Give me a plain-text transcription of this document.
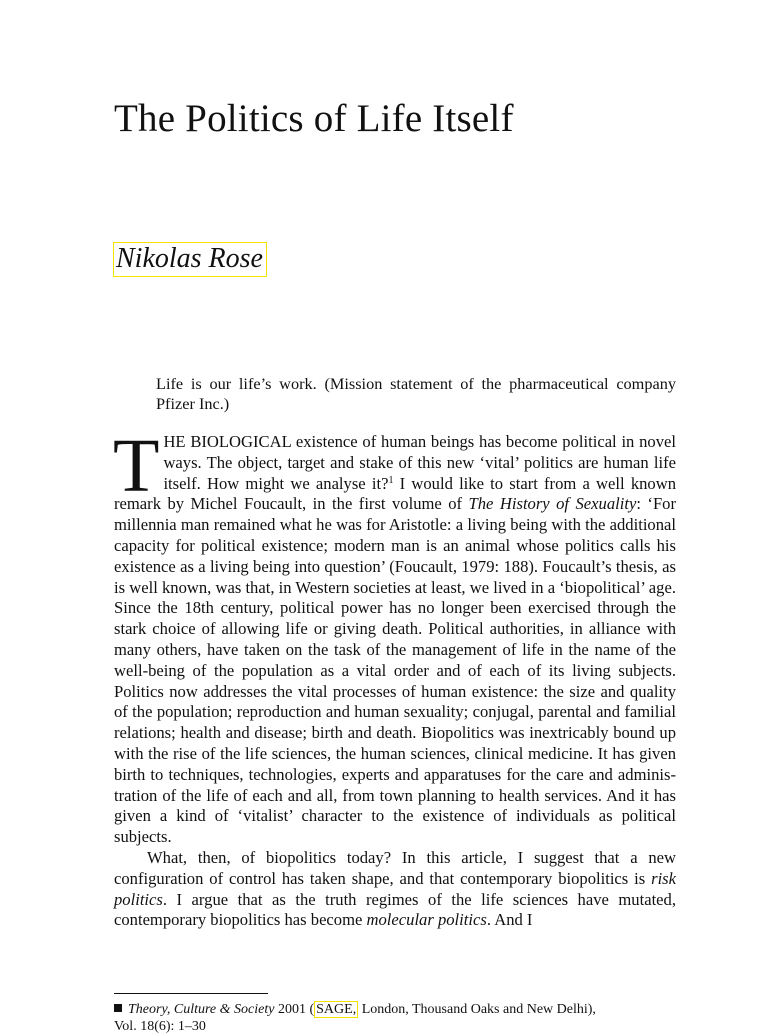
The Politics of Life Itself
Nikolas Rose

Life is our life’s work. (Mission statement of the pharmaceutical company Pfizer Inc.)

THE BIOLOGICAL existence of human beings has become political in novel ways. The object, target and stake of this new ‘vital’ politics are human life itself. How might we analyse it?$^1$ I would like to start from a well known remark by Michel Foucault, in the first volume of The History of Sexuality: ‘For millennia man remained what he was for Aristotle: a living being with the additional capacity for political existence; modern man is an animal whose politics calls his existence as a living being into question’ (Foucault, 1979: 188). Foucault’s thesis, as is well known, was that, in Western societies at least, we lived in a ‘biopolitical’ age. Since the 18th century, political power has no longer been exercised through the stark choice of allowing life or giving death. Political authorities, in alliance with many others, have taken on the task of the management of life in the name of the well-being of the population as a vital order and of each of its living subjects. Politics now addresses the vital processes of human existence: the size and quality of the population; reproduction and human sexuality; conjugal, parental and familial relations; health and disease; birth and death. Biopolitics was inextricably bound up with the rise of the life sciences, the human sciences, clinical medicine. It has given birth to techniques, technologies, experts and apparatuses for the care and administration of the life of each and all, from town planning to health services. And it has given a kind of ‘vitalist’ character to the existence of individuals as political subjects.

What, then, of biopolitics today? In this article, I suggest that a new configuration of control has taken shape, and that contemporary biopolitics is risk politics. I argue that as the truth regimes of the life sciences have mutated, contemporary biopolitics has become molecular politics. And I

Theory, Culture & Society 2001 ( SAGE, London, Thousand Oaks and New Delhi),
Vol. 18(6): 1–30
